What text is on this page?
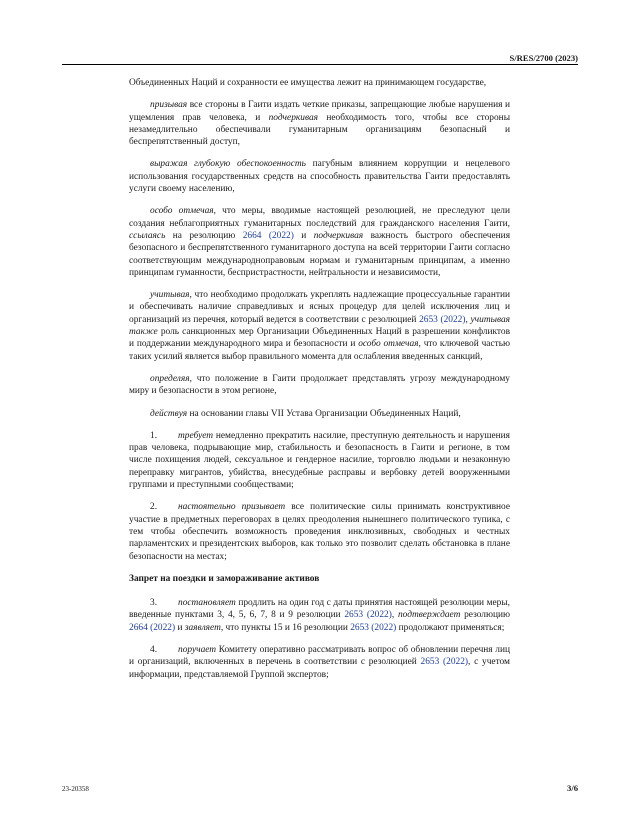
S/RES/2700 (2023)

Объединенных Наций и сохранности ее имущества лежит на принимающем государстве,

призывая все стороны в Гаити издать четкие приказы, запрещающие любые нарушения и ущемления прав человека, и подчеркивая необходимость того, чтобы все стороны незамедлительно обеспечивали гуманитарным организациям безопасный и беспрепятственный доступ,

выражая глубокую обеспокоенность пагубным влиянием коррупции и нецелевого использования государственных средств на способность правительства Гаити предоставлять услуги своему населению,

особо отмечая, что меры, вводимые настоящей резолюцией, не преследуют цели создания неблагоприятных гуманитарных последствий для гражданского населения Гаити, ссылаясь на резолюцию 2664 (2022) и подчеркивая важность быстрого обеспечения безопасного и беспрепятственного гуманитарного доступа на всей территории Гаити согласно соответствующим международноправовым нормам и гуманитарным принципам, а именно принципам гуманности, беспристрастности, нейтральности и независимости,

учитывая, что необходимо продолжать укреплять надлежащие процессуальные гарантии и обеспечивать наличие справедливых и ясных процедур для целей исключения лиц и организаций из перечня, который ведется в соответствии с резолюцией 2653 (2022), учитывая также роль санкционных мер Организации Объединенных Наций в разрешении конфликтов и поддержании международного мира и безопасности и особо отмечая, что ключевой частью таких усилий является выбор правильного момента для ослабления введенных санкций,

определяя, что положение в Гаити продолжает представлять угрозу международному миру и безопасности в этом регионе,

действуя на основании главы VII Устава Организации Объединенных Наций,

1. требует немедленно прекратить насилие, преступную деятельность и нарушения прав человека, подрывающие мир, стабильность и безопасность в Гаити и регионе, в том числе похищения людей, сексуальное и гендерное насилие, торговлю людьми и незаконную переправку мигрантов, убийства, внесудебные расправы и вербовку детей вооруженными группами и преступными сообществами;

2. настоятельно призывает все политические силы принимать конструктивное участие в предметных переговорах в целях преодоления нынешнего политического тупика, с тем чтобы обеспечить возможность проведения инклюзивных, свободных и честных парламентских и президентских выборов, как только это позволит сделать обстановка в плане безопасности на местах;

Запрет на поездки и замораживание активов

3. постановляет продлить на один год с даты принятия настоящей резолюции меры, введенные пунктами 3, 4, 5, 6, 7, 8 и 9 резолюции 2653 (2022), подтверждает резолюцию 2664 (2022) и заявляет, что пункты 15 и 16 резолюции 2653 (2022) продолжают применяться;

4. поручает Комитету оперативно рассматривать вопрос об обновлении перечня лиц и организаций, включенных в перечень в соответствии с резолюцией 2653 (2022), с учетом информации, представляемой Группой экспертов;

23-20358	3/6
